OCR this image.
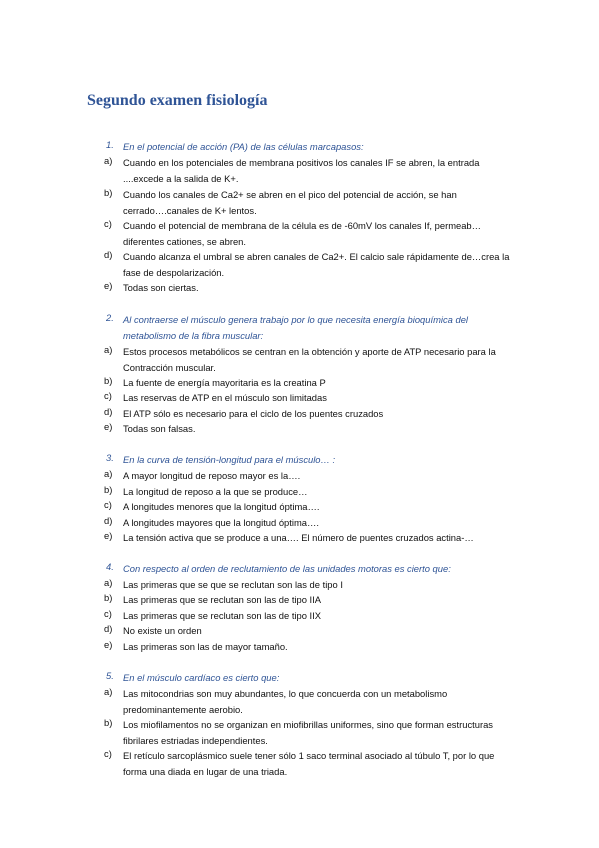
Segundo examen fisiología
1. En el potencial de acción (PA) de las células marcapasos:
a) Cuando en los potenciales de membrana positivos los canales IF se abren, la entrada ....excede a la salida de K+.
b) Cuando los canales de Ca2+ se abren en el pico del potencial de acción, se han cerrado….canales de K+ lentos.
c) Cuando el potencial de membrana de la célula es de -60mV los canales If, permeab… diferentes cationes, se abren.
d) Cuando alcanza el umbral se abren canales de Ca2+. El calcio sale rápidamente de…crea la fase de despolarización.
e) Todas son ciertas.
2. Al contraerse el músculo genera trabajo por lo que necesita energía bioquímica del metabolismo de la fibra muscular:
a) Estos procesos metabólicos se centran en la obtención y aporte de ATP necesario para la Contracción muscular.
b) La fuente de energía mayoritaria es la creatina P
c) Las reservas de ATP en el músculo son limitadas
d) El ATP sólo es necesario para el ciclo de los puentes cruzados
e) Todas son falsas.
3. En la curva de tensión-longitud para el músculo… :
a) A mayor longitud de reposo mayor es la….
b) La longitud de reposo a la que se produce…
c) A longitudes menores que la longitud óptima….
d) A longitudes mayores que la longitud óptima….
e) La tensión activa que se produce a una…. El número de puentes cruzados actina-…
4. Con respecto al orden de reclutamiento de las unidades motoras es cierto que:
a) Las primeras que se que se reclutan son las de tipo I
b) Las primeras que se reclutan son las de tipo IIA
c) Las primeras que se reclutan son las de tipo IIX
d) No existe un orden
e) Las primeras son las de mayor tamaño.
5. En el músculo cardíaco es cierto que:
a) Las mitocondrias son muy abundantes, lo que concuerda con un metabolismo predominantemente aerobio.
b) Los miofilamentos no se organizan en miofibrillas uniformes, sino que forman estructuras fibrilares estriadas independientes.
c) El retículo sarcoplásmico suele tener sólo 1 saco terminal asociado al túbulo T, por lo que forma una diada en lugar de una triada.
